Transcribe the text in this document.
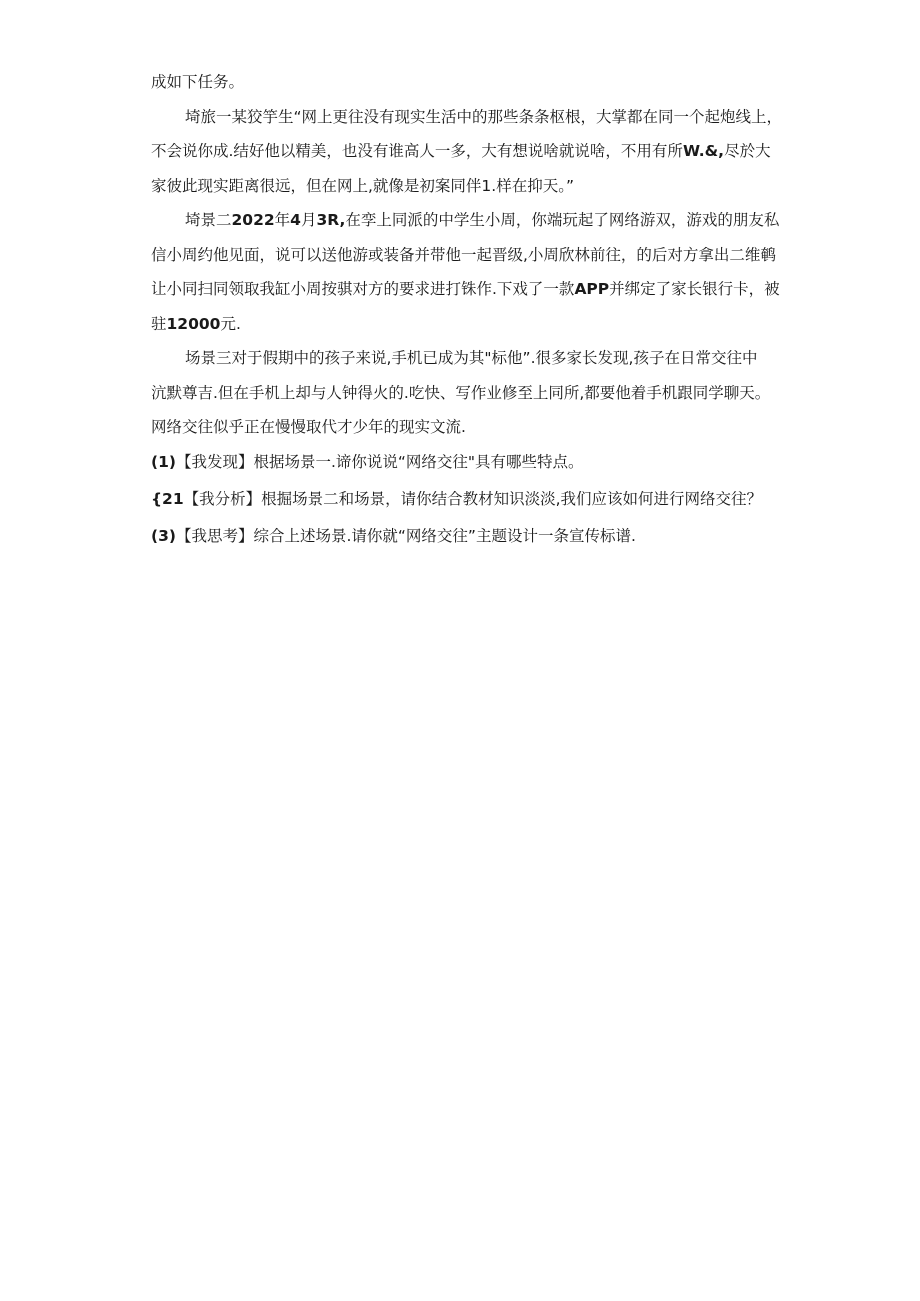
成如下任务。
埼旅一某狡竽生“网上更往没有现实生活中的那些条条枢根，大掌都在同一个起炮线上，
不会说你成.结好他以精美，也没有谁高人一多，大有想说啥就说啥，不用有所W.&,尽於大
家彼此现实距离很远，但在网上,就像是初案同伴1.样在抑天。”
埼景二2022年4月3R,在孪上同派的中学生小周，你端玩起了网络游双，游戏的朋友私
信小周约他见面，说可以送他游或装备并带他一起晋级,小周欣林前往，的后对方拿出二维鹌
让小同扫同领取我缸小周按骐对方的要求进打铢作.下戏了一款APP并绑定了家长银行卡，被
驻12000元.
场景三对于假期中的孩子来说,手机已成为其"标他”.很多家长发现,孩子在日常交往中
沆默尊吉.但在手机上却与人钟得火的.吃快、写作业修至上同所,都要他着手机跟同学聊天。
网络交往似乎正在慢慢取代才少年的现实文流.
(1)【我发现】根据场景一.谛你说说“网络交往"具有哪些特点。
{21【我分析】根掘场景二和场景，请你结合教材知识淡淡,我们应该如何进行网络交往？
(3)【我思考】综合上述场景.请你就“网络交往”主题设计一条宣传标谱.
